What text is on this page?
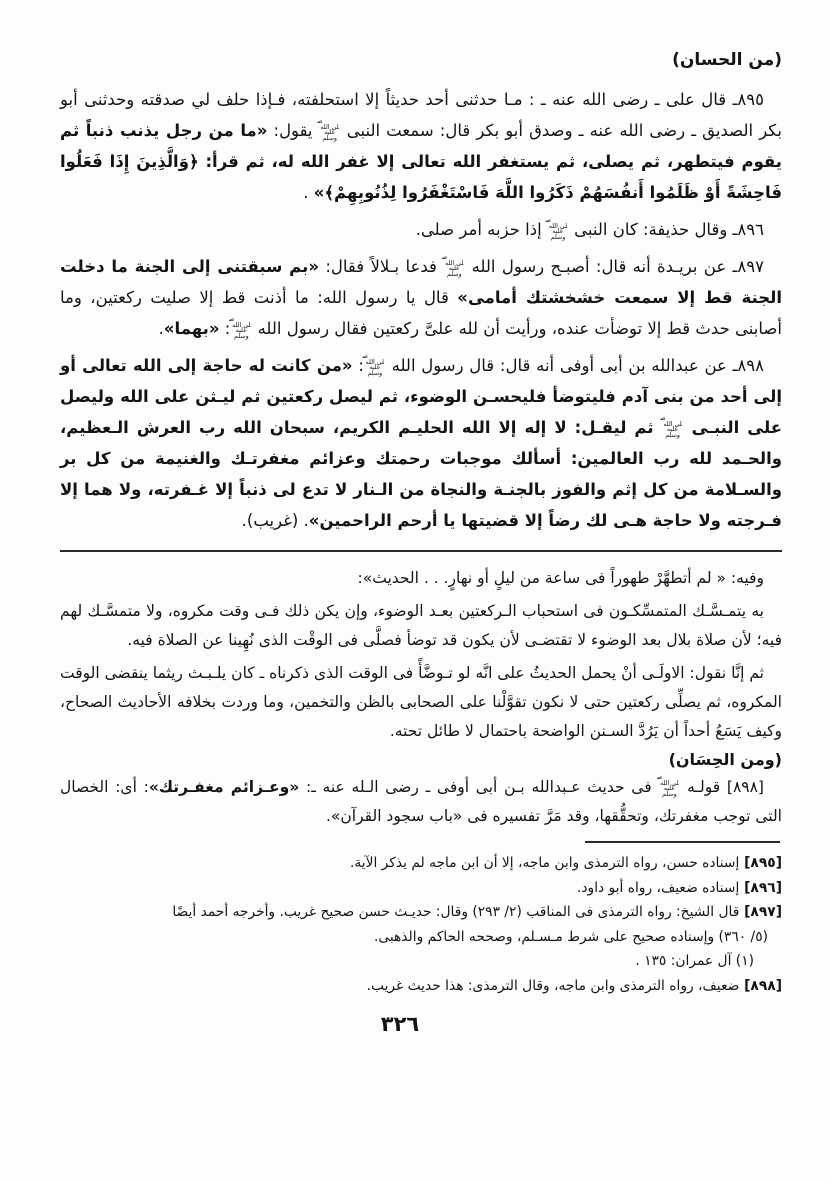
(من الحسان)

٨٩٥ـ قال على ـ رضى الله عنه ـ : مـا حدثنى أحد حديثاً إلا استحلفته، فـإذا حلف لي صدقته وحدثنى أبو بكر الصديق ـ رضى الله عنه ـ وصدق أبو بكر قال: سمعت النبى صلى الله عليه وسلم يقول: «ما من رجل يذنب ذنباً ثم يقوم فيتطهر، ثم يصلى، ثم يستغفر الله تعالى إلا غفر الله له، ثم قرأ: ﴿وَالَّذِينَ إِذَا فَعَلُوا فَاحِشَةً أَوْ ظَلَمُوا أَنفُسَهُمْ ذَكَرُوا اللَّهَ فَاسْتَغْفَرُوا لِذُنُوبِهِمْ﴾» .

٨٩٦ـ وقال حذيفة: كان النبى صلى الله عليه وسلم إذا حزبه أمر صلى.

٨٩٧ـ عن بريـدة أنه قال: أصبـح رسول الله صلى الله عليه وسلم فدعا بـلالاً فقال: «بم سبقتنى إلى الجنة ما دخلت الجنة قط إلا سمعت خشخشتك أمامى» قال يا رسول الله: ما أذنت قط إلا صليت ركعتين، وما أصابنى حدث قط إلا توضأت عنده، ورأيت أن لله علىَّ ركعتين فقال رسول الله صلى الله عليه وسلم: «بهما».

٨٩٨ـ عن عبدالله بن أبى أوفى أنه قال: قال رسول الله صلى الله عليه وسلم: «من كانت له حاجة إلى الله تعالى أو إلى أحد من بنى آدم فليتوضأ فليحسـن الوضوء، ثم ليصل ركعتين ثم ليـثن على الله وليصل على النبـى صلى الله عليه وسلم ثم ليقـل: لا إله إلا الله الحليـم الكريم، سبحان الله رب العرش الـعظيم، والحـمد لله رب العالمين: أسألك موجبات رحمتك وعزائم مغفرتـك والغنيمة من كل بر والسـلامة من كل إثم والفوز بالجنـة والنجاة من الـنار لا تدع لى ذنباً إلا غـفرته، ولا هما إلا فـرجته ولا حاجة هـى لك رضاً إلا قضيتها يا أرحم الراحمين». (غريب).

وفيه: « لم أتطهَّرْ طهوراً فى ساعة من ليلٍ أو نهارٍ. . . الحديث»:

به يتمـسَّـك المتمسِّكـون فى استحباب الـركعتين بعـد الوضوء، وإن يكن ذلك فـى وقت مكروه، ولا متمسَّـك لهم فيه؛ لأن صلاة بلال بعد الوضوء لا تقتضـى لأن يكون قد توضأ فصلَّى فى الوقْت الذى نُهِينا عن الصلاة فيه.

ثم إنَّا نقول: الاولَـى أنْ يحمل الحديثُ على انَّه لو تـوضَّأً فى الوقت الذى ذكرناه ـ كان يلـبـث ريثما ينقضى الوقت المكروه، ثم يصلِّى ركعتين حتى لا نكون تقوَّلْنا على الصحابى بالظن والتخمين، وما وردت بخلافه الأحاديث الصحاح، وكيف يَسَعُ أحداً أن يَرُدَّ السـنن الواضحة باحتمال لا طائل تحته.

(ومن الحِسَان)

[٨٩٨] قولـه صلى الله عليه وسلم فى حديث عـبدالله بـن أبى أوفى ـ رضى الـله عنه ـ: «وعـزائم مغفـرتك»: أى: الخصال التى توجب مغفرتك، وتحقُّقها، وقد مَرَّ تفسيره فى «باب سجود القرآن».

[٨٩٥] إسناده حسن، رواه الترمذى وابن ماجه، إلا أن ابن ماجه لم يذكر الآية.

[٨٩٦] إسناده ضعيف، رواه أبو داود.

[٨٩٧] قال الشيخ: رواه الترمذى فى المناقب (٢/ ٢٩٣) وقال: حديـث حسن صحيح غريب. وأخرجه أحمد أيضًا

(٥/ ٣٦٠) وإسناده صحيح على شرط مـسـلم، وصححه الحاكم والذهبى.

(١) آل عمران: ١٣٥ .

[٨٩٨] ضعيف، رواه الترمذى وابن ماجه، وقال الترمذى: هذا حديث غريب.

٣٢٦
